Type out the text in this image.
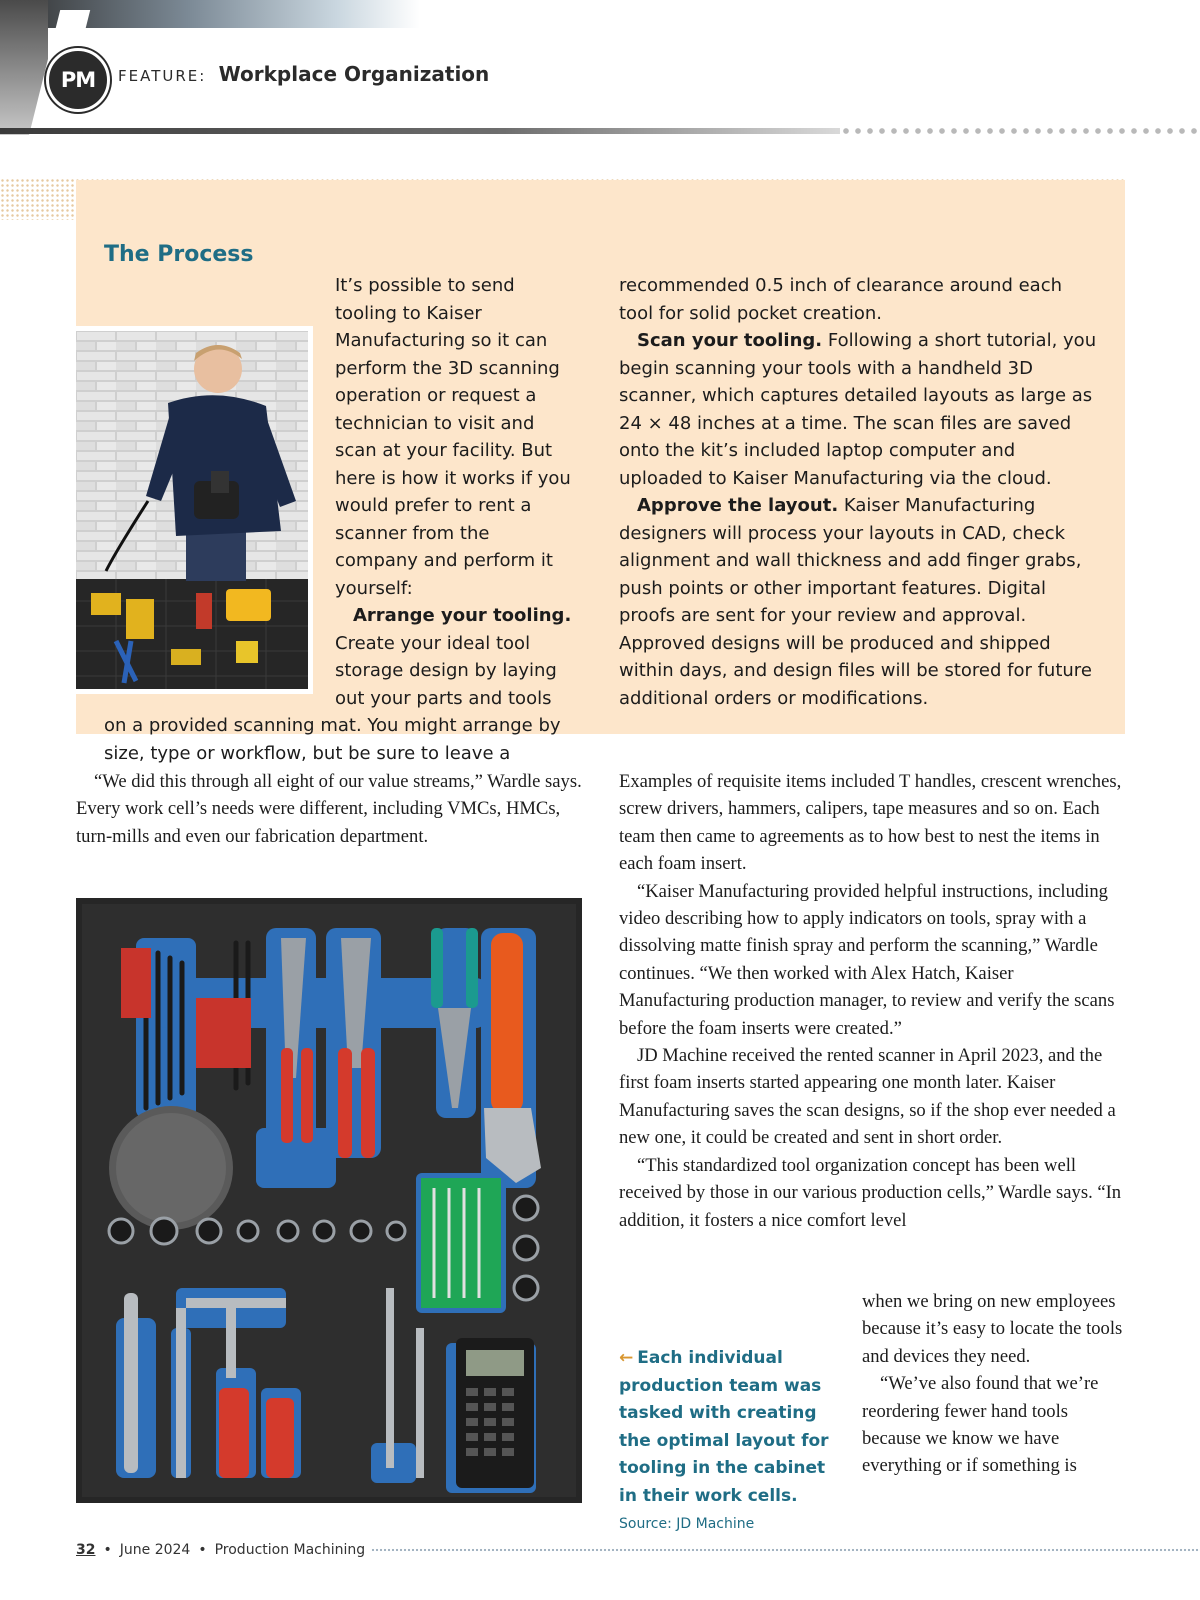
PM	FEATURE: Workplace Organization
The Process

It’s possible to send tooling to Kaiser Manufacturing so it can perform the 3D scanning operation or request a technician to visit and scan at your facility. But here is how it works if you would prefer to rent a scanner from the company and perform it yourself:

Arrange your tooling. Create your ideal tool storage design by laying out your parts and tools on a provided scanning mat. You might arrange by size, type or workflow, but be sure to leave a

recommended 0.5 inch of clearance around each tool for solid pocket creation.

Scan your tooling. Following a short tutorial, you begin scanning your tools with a handheld 3D scanner, which captures detailed layouts as large as 24 × 48 inches at a time. The scan files are saved onto the kit’s included laptop computer and uploaded to Kaiser Manufacturing via the cloud.

Approve the layout. Kaiser Manufacturing designers will process your layouts in CAD, check alignment and wall thickness and add finger grabs, push points or other important features. Digital proofs are sent for your review and approval. Approved designs will be produced and shipped within days, and design files will be stored for future additional orders or modifications.

“We did this through all eight of our value streams,” Wardle says. Every work cell’s needs were different, including VMCs, HMCs, turn-mills and even our fabrication department.

Examples of requisite items included T handles, crescent wrenches, screw drivers, hammers, calipers, tape measures and so on. Each team then came to agreements as to how best to nest the items in each foam insert.

“Kaiser Manufacturing provided helpful instructions, including video describing how to apply indicators on tools, spray with a dissolving matte finish spray and perform the scanning,” Wardle continues. “We then worked with Alex Hatch, Kaiser Manufacturing production manager, to review and verify the scans before the foam inserts were created.”

JD Machine received the rented scanner in April 2023, and the first foam inserts started appearing one month later. Kaiser Manufacturing saves the scan designs, so if the shop ever needed a new one, it could be created and sent in short order.

“This standardized tool organization concept has been well received by those in our various production cells,” Wardle says. “In addition, it fosters a nice comfort level

← Each individual production team was tasked with creating the optimal layout for tooling in the cabinet in their work cells. Source: JD Machine

when we bring on new employees because it’s easy to locate the tools and devices they need.

“We’ve also found that we’re reordering fewer hand tools because we know we have everything or if something is

32 • June 2024 • Production Machining
